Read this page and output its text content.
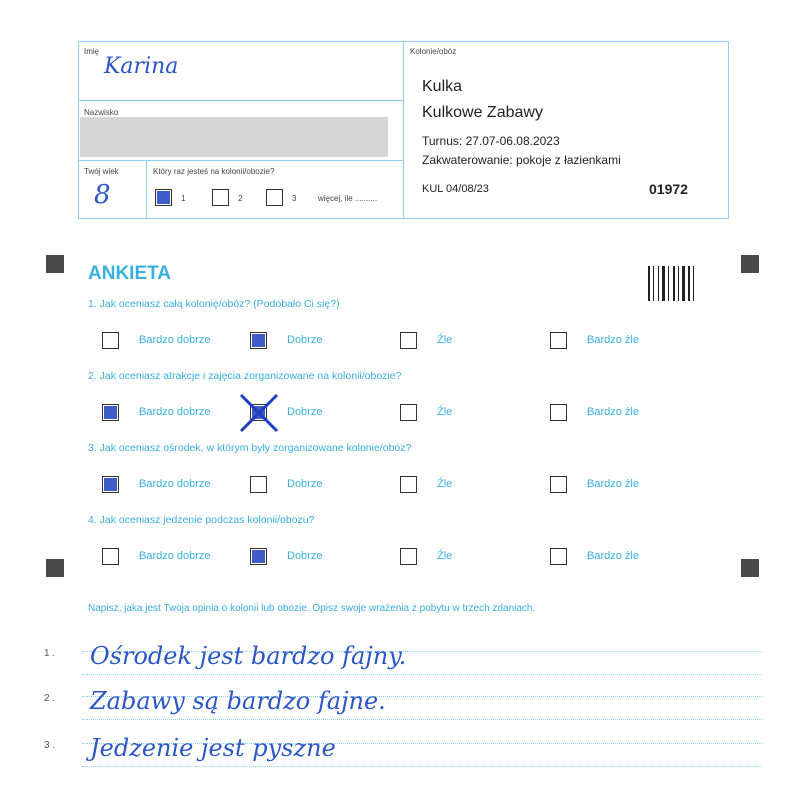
Imię
Karina
Nazwisko
Twój wiek
8
Który raz jesteś na kolonii/obozie?
1	2	3	więcej, ile ..........
Kolonie/obóz
Kulka
Kulkowe Zabawy
Turnus: 27.07-06.08.2023
Zakwaterowanie: pokoje z łazienkami
KUL 04/08/23	01972
ANKIETA
1. Jak oceniasz całą kolonię/obóz? (Podobało Ci się?)
Bardzo dobrze	Dobrze	Źle	Bardzo źle
2. Jak oceniasz atrakcje i zajęcia zorganizowane na kolonii/obozie?
Bardzo dobrze	Dobrze	Źle	Bardzo źle
3. Jak oceniasz ośrodek, w którym były zorganizowane kolonie/obóz?
Bardzo dobrze	Dobrze	Źle	Bardzo źle
4. Jak oceniasz jedzenie podczas kolonii/obozu?
Bardzo dobrze	Dobrze	Źle	Bardzo źle
Napisz, jaka jest Twoja opinia o kolonii lub obozie. Opisz swoje wrażenia z pobytu w trzech zdaniach.
1 . Ośrodek jest bardzo fajny.
2 . Zabawy są bardzo fajne.
3 . Jedzenie jest pyszne
